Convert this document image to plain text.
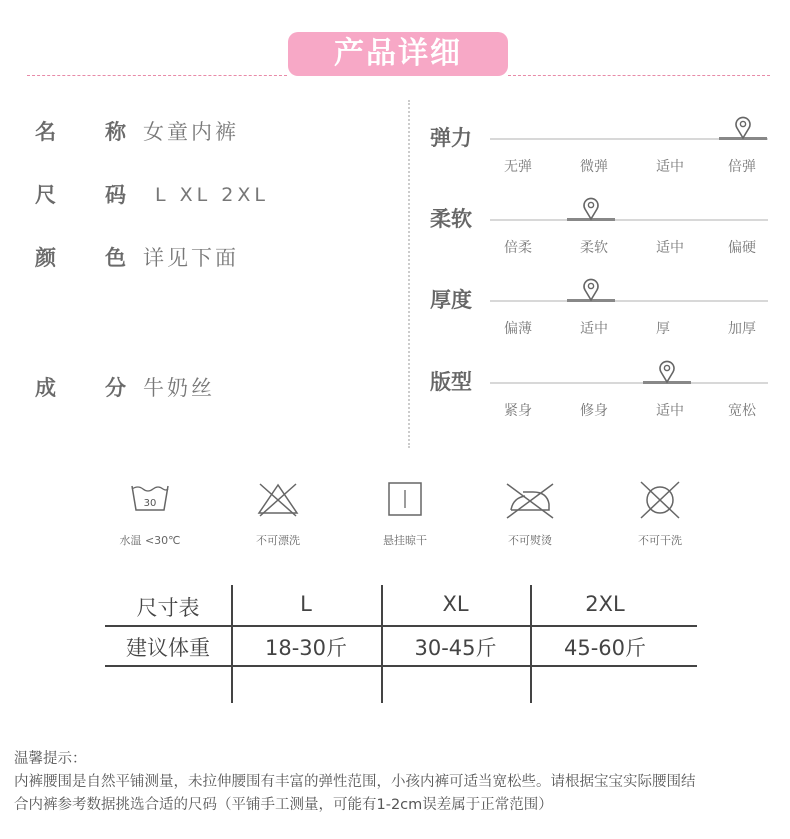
产品详细
名 称 女童内裤
尺 码 L XL 2XL
颜 色 详见下面
成 分 牛奶丝
弹力
无弹	微弹	适中	倍弹
柔软
倍柔	柔软	适中	偏硬
厚度
偏薄	适中	厚	加厚
版型
紧身	修身	适中	宽松
30
水温 <30℃	不可漂洗	悬挂晾干	不可熨烫	不可干洗
尺寸表	L	XL	2XL
建议体重	18-30斤	30-45斤	45-60斤
温馨提示：
内裤腰围是自然平铺测量，未拉伸腰围有丰富的弹性范围，小孩内裤可适当宽松些。请根据宝宝实际腰围结
合内裤参考数据挑选合适的尺码（平铺手工测量，可能有1-2cm误差属于正常范围）
